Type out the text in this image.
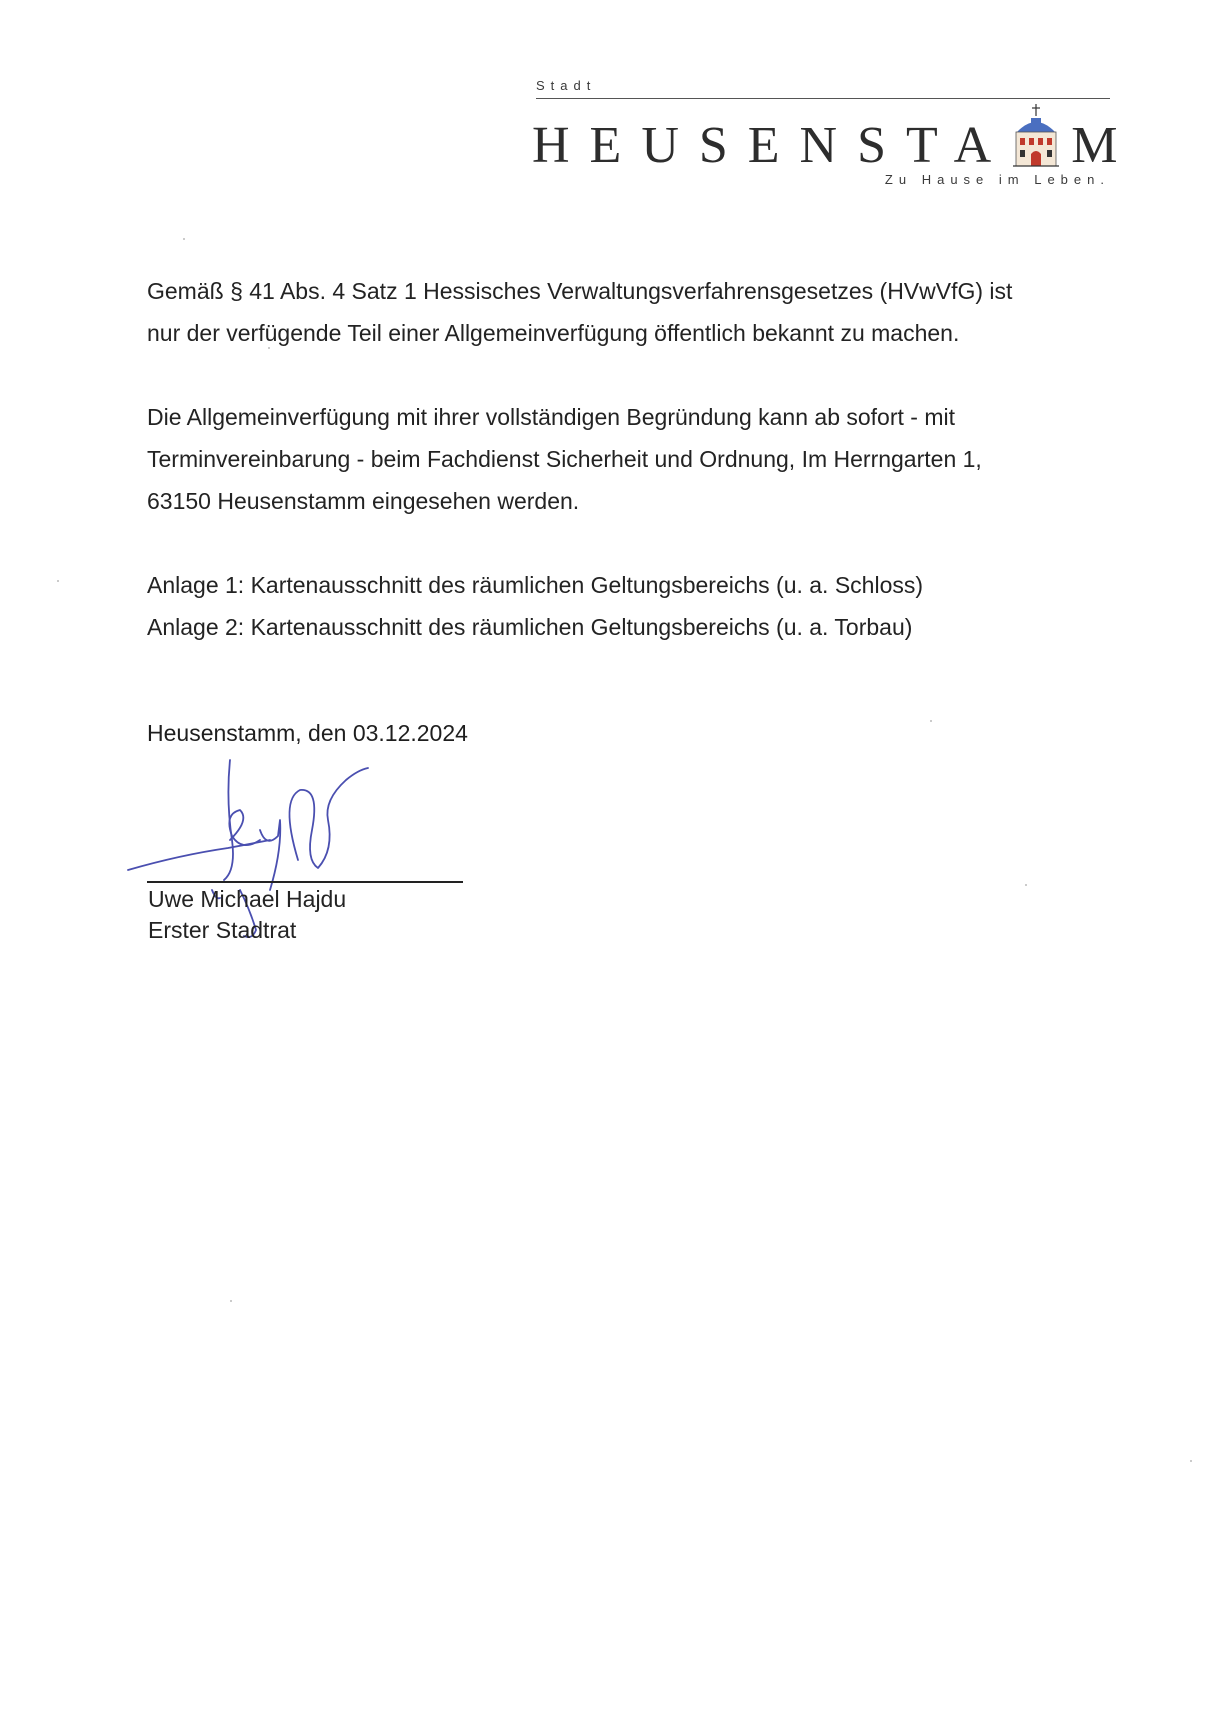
Stadt
HEUSENSTA M
Zu Hause im Leben.

Gemäß § 41 Abs. 4 Satz 1 Hessisches Verwaltungsverfahrensgesetzes (HVwVfG) ist
nur der verfügende Teil einer Allgemeinverfügung öffentlich bekannt zu machen.

Die Allgemeinverfügung mit ihrer vollständigen Begründung kann ab sofort - mit
Terminvereinbarung - beim Fachdienst Sicherheit und Ordnung, Im Herrngarten 1,
63150 Heusenstamm eingesehen werden.

Anlage 1: Kartenausschnitt des räumlichen Geltungsbereichs (u. a. Schloss)
Anlage 2: Kartenausschnitt des räumlichen Geltungsbereichs (u. a. Torbau)
Heusenstamm, den 03.12.2024
Uwe Michael Hajdu
Erster Stadtrat
